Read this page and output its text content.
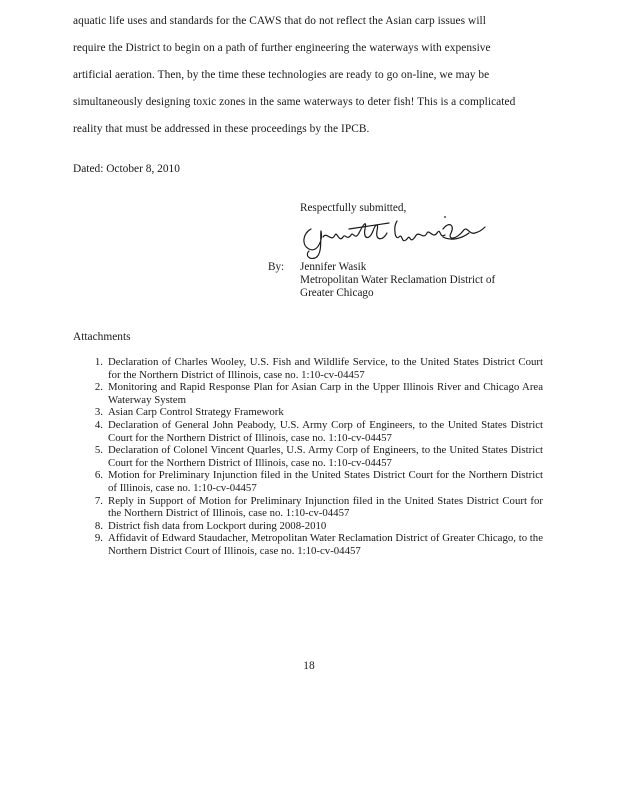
aquatic life uses and standards for the CAWS that do not reflect the Asian carp issues will
require the District to begin on a path of further engineering the waterways with expensive
artificial aeration. Then, by the time these technologies are ready to go on-line, we may be
simultaneously designing toxic zones in the same waterways to deter fish! This is a complicated
reality that must be addressed in these proceedings by the IPCB.
Dated: October 8, 2010
Respectfully submitted,
By: Jennifer Wasik
Metropolitan Water Reclamation District of
Greater Chicago
Attachments
1. Declaration of Charles Wooley, U.S. Fish and Wildlife Service, to the United States District Court for the Northern District of Illinois, case no. 1:10-cv-04457
2. Monitoring and Rapid Response Plan for Asian Carp in the Upper Illinois River and Chicago Area Waterway System
3. Asian Carp Control Strategy Framework
4. Declaration of General John Peabody, U.S. Army Corp of Engineers, to the United States District Court for the Northern District of Illinois, case no. 1:10-cv-04457
5. Declaration of Colonel Vincent Quarles, U.S. Army Corp of Engineers, to the United States District Court for the Northern District of Illinois, case no. 1:10-cv-04457
6. Motion for Preliminary Injunction filed in the United States District Court for the Northern District of Illinois, case no. 1:10-cv-04457
7. Reply in Support of Motion for Preliminary Injunction filed in the United States District Court for the Northern District of Illinois, case no. 1:10-cv-04457
8. District fish data from Lockport during 2008-2010
9. Affidavit of Edward Staudacher, Metropolitan Water Reclamation District of Greater Chicago, to the Northern District Court of Illinois, case no. 1:10-cv-04457
18
